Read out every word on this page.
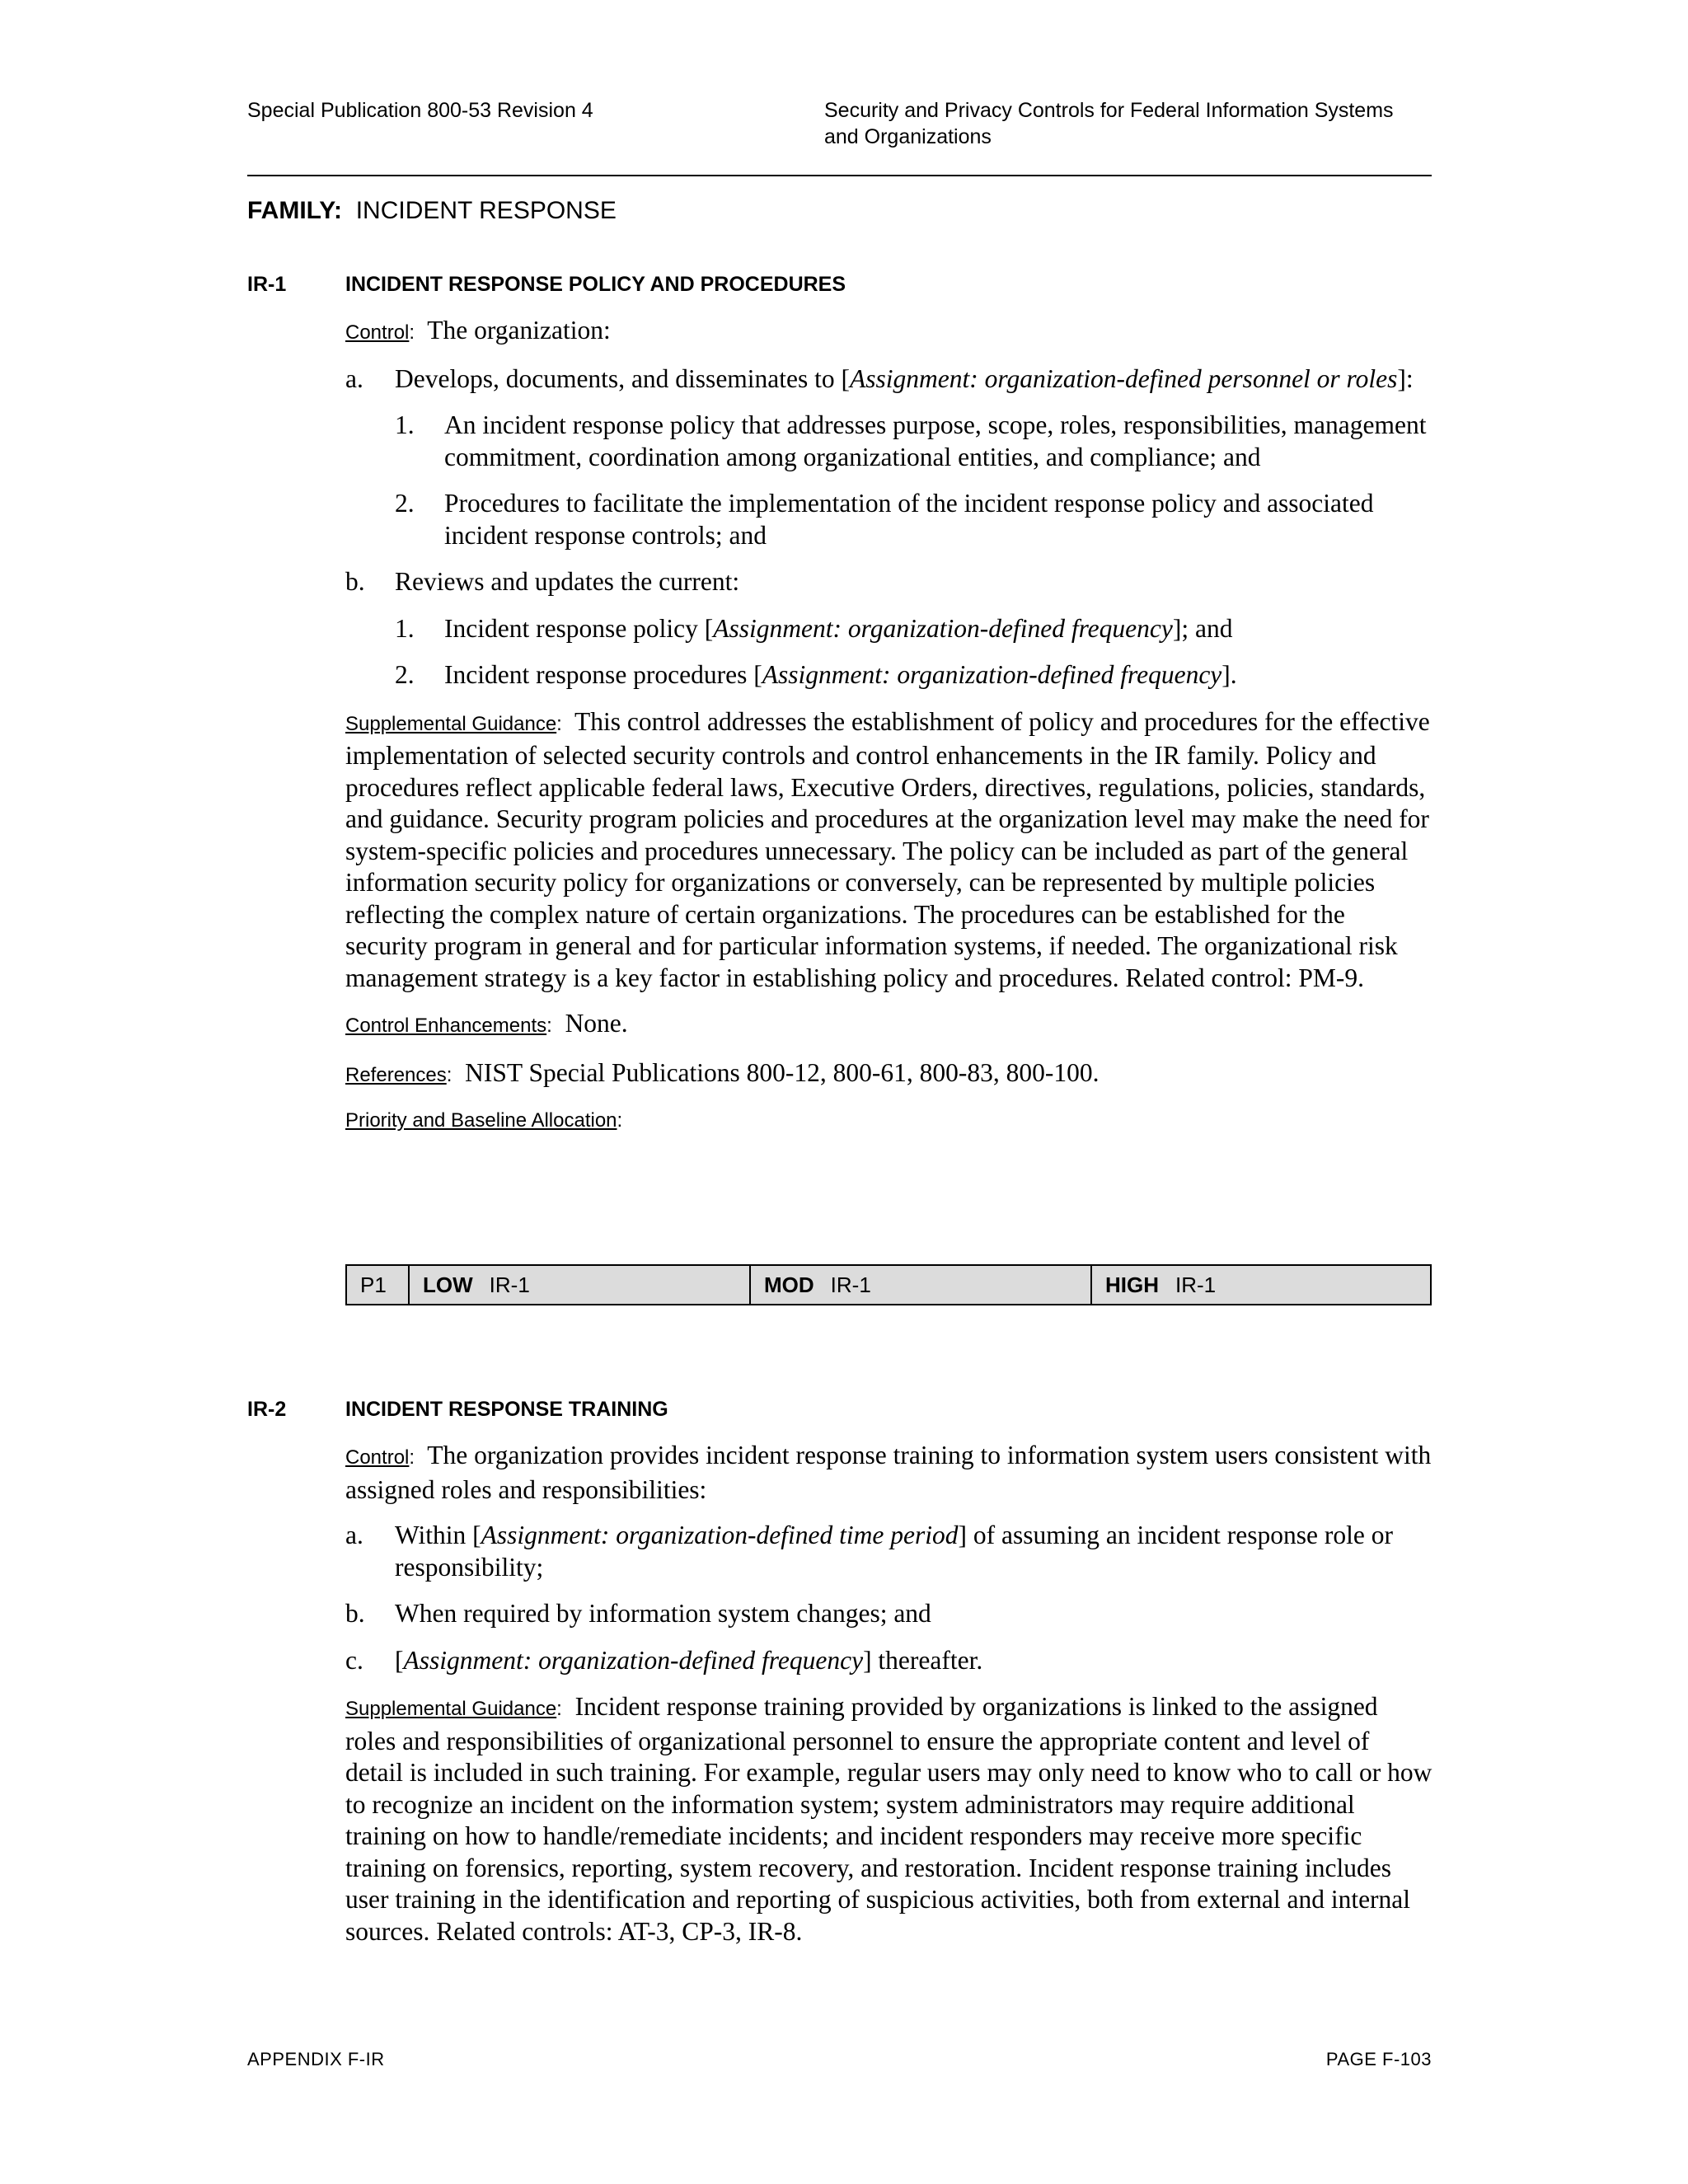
Special Publication 800-53 Revision 4	Security and Privacy Controls for Federal Information Systems
and Organizations
FAMILY: INCIDENT RESPONSE
IR-1	INCIDENT RESPONSE POLICY AND PROCEDURES

Control: The organization:

a. Develops, documents, and disseminates to [Assignment: organization-defined personnel or roles]:
1. An incident response policy that addresses purpose, scope, roles, responsibilities, management commitment, coordination among organizational entities, and compliance; and
2. Procedures to facilitate the implementation of the incident response policy and associated incident response controls; and
b. Reviews and updates the current:
1. Incident response policy [Assignment: organization-defined frequency]; and
2. Incident response procedures [Assignment: organization-defined frequency].

Supplemental Guidance: This control addresses the establishment of policy and procedures for the effective implementation of selected security controls and control enhancements in the IR family. Policy and procedures reflect applicable federal laws, Executive Orders, directives, regulations, policies, standards, and guidance. Security program policies and procedures at the organization level may make the need for system-specific policies and procedures unnecessary. The policy can be included as part of the general information security policy for organizations or conversely, can be represented by multiple policies reflecting the complex nature of certain organizations. The procedures can be established for the security program in general and for particular information systems, if needed. The organizational risk management strategy is a key factor in establishing policy and procedures. Related control: PM-9.

Control Enhancements: None.

References: NIST Special Publications 800-12, 800-61, 800-83, 800-100.

Priority and Baseline Allocation:

P1 LOW IR-1	MOD IR-1	HIGH IR-1
IR-2	INCIDENT RESPONSE TRAINING

Control: The organization provides incident response training to information system users consistent with assigned roles and responsibilities:

a. Within [Assignment: organization-defined time period] of assuming an incident response role or responsibility;
b. When required by information system changes; and
c. [Assignment: organization-defined frequency] thereafter.

Supplemental Guidance: Incident response training provided by organizations is linked to the assigned roles and responsibilities of organizational personnel to ensure the appropriate content and level of detail is included in such training. For example, regular users may only need to know who to call or how to recognize an incident on the information system; system administrators may require additional training on how to handle/remediate incidents; and incident responders may receive more specific training on forensics, reporting, system recovery, and restoration. Incident response training includes user training in the identification and reporting of suspicious activities, both from external and internal sources. Related controls: AT-3, CP-3, IR-8.

APPENDIX F-IR	PAGE F-103
